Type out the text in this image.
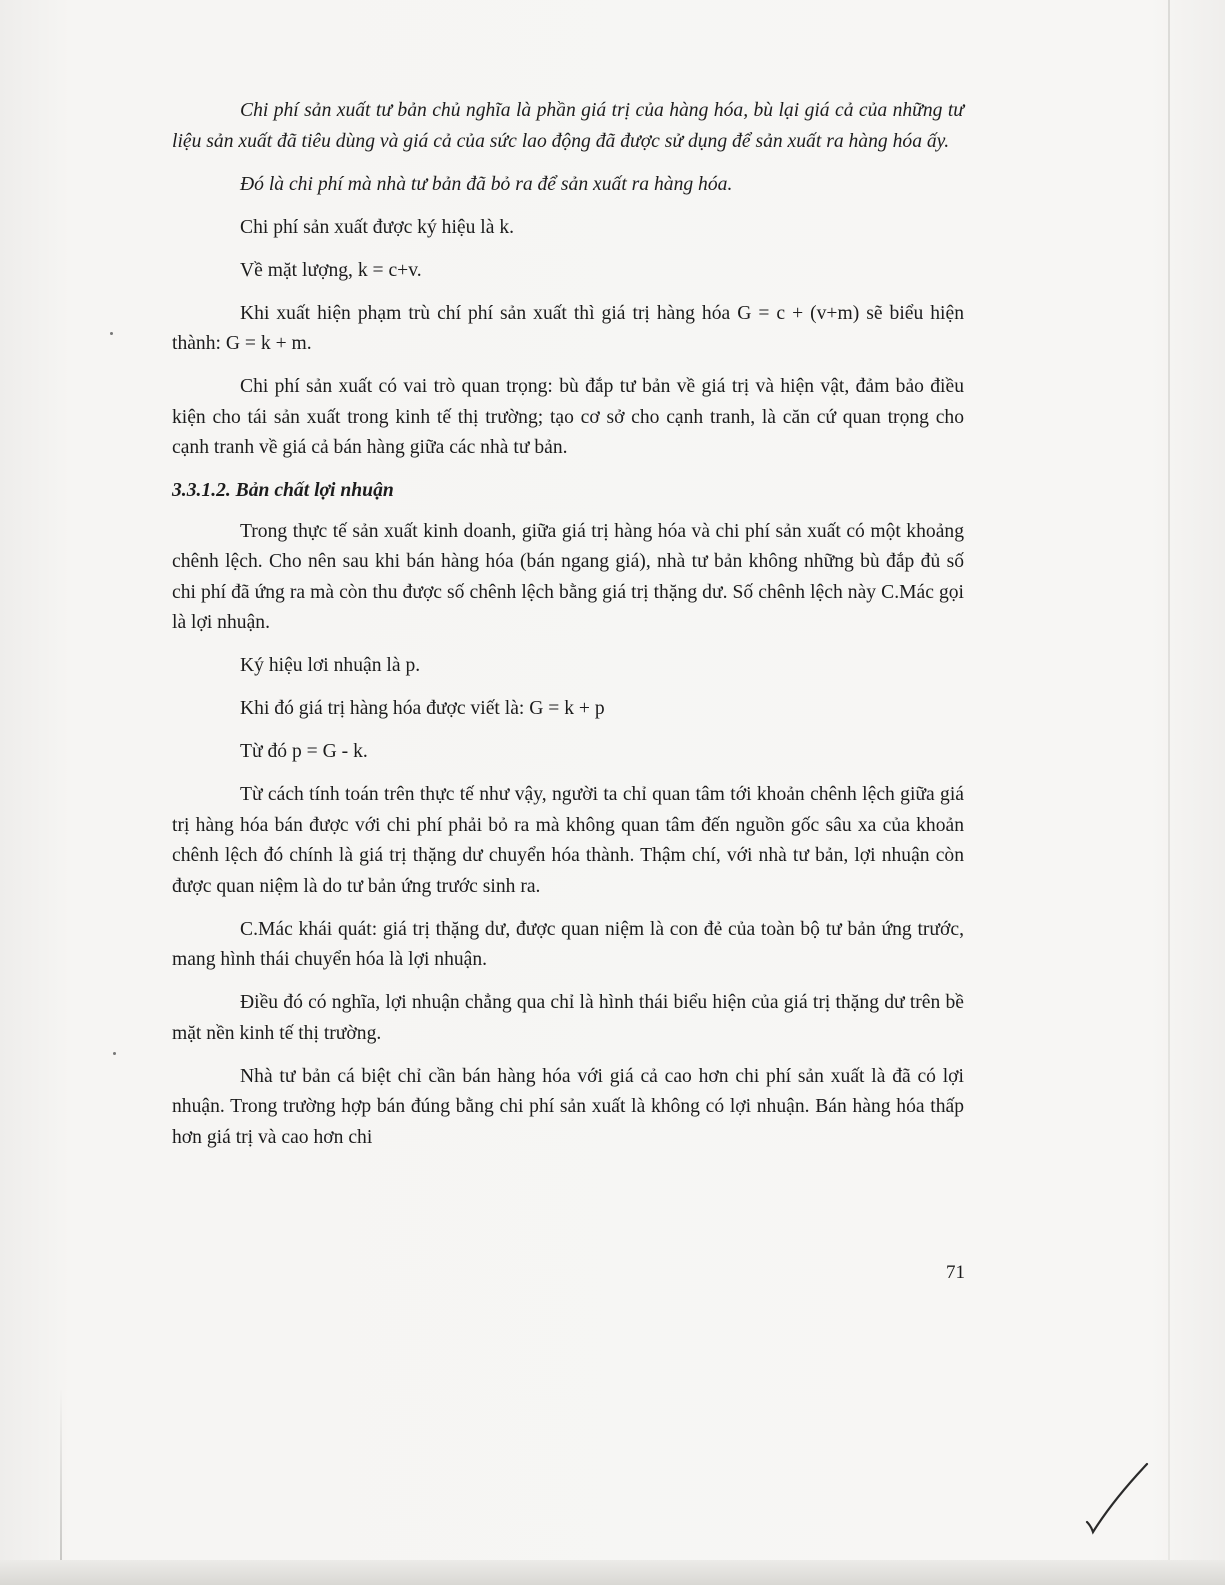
Chi phí sản xuất tư bản chủ nghĩa là phần giá trị của hàng hóa, bù lại giá cả của những tư liệu sản xuất đã tiêu dùng và giá cả của sức lao động đã được sử dụng để sản xuất ra hàng hóa ấy.

Đó là chi phí mà nhà tư bản đã bỏ ra để sản xuất ra hàng hóa.

Chi phí sản xuất được ký hiệu là k.

Về mặt lượng, k = c+v.

Khi xuất hiện phạm trù chí phí sản xuất thì giá trị hàng hóa G = c + (v+m) sẽ biểu hiện thành: G = k + m.

Chi phí sản xuất có vai trò quan trọng: bù đắp tư bản về giá trị và hiện vật, đảm bảo điều kiện cho tái sản xuất trong kinh tế thị trường; tạo cơ sở cho cạnh tranh, là căn cứ quan trọng cho cạnh tranh về giá cả bán hàng giữa các nhà tư bản.

3.3.1.2. Bản chất lợi nhuận

Trong thực tế sản xuất kinh doanh, giữa giá trị hàng hóa và chi phí sản xuất có một khoảng chênh lệch. Cho nên sau khi bán hàng hóa (bán ngang giá), nhà tư bản không những bù đắp đủ số chi phí đã ứng ra mà còn thu được số chênh lệch bằng giá trị thặng dư. Số chênh lệch này C.Mác gọi là lợi nhuận.

Ký hiệu lơi nhuận là p.

Khi đó giá trị hàng hóa được viết là: G = k + p

Từ đó p = G - k.

Từ cách tính toán trên thực tế như vậy, người ta chỉ quan tâm tới khoản chênh lệch giữa giá trị hàng hóa bán được với chi phí phải bỏ ra mà không quan tâm đến nguồn gốc sâu xa của khoản chênh lệch đó chính là giá trị thặng dư chuyển hóa thành. Thậm chí, với nhà tư bản, lợi nhuận còn được quan niệm là do tư bản ứng trước sinh ra.

C.Mác khái quát: giá trị thặng dư, được quan niệm là con đẻ của toàn bộ tư bản ứng trước, mang hình thái chuyển hóa là lợi nhuận.

Điều đó có nghĩa, lợi nhuận chẳng qua chỉ là hình thái biểu hiện của giá trị thặng dư trên bề mặt nền kinh tế thị trường.

Nhà tư bản cá biệt chỉ cần bán hàng hóa với giá cả cao hơn chi phí sản xuất là đã có lợi nhuận. Trong trường hợp bán đúng bằng chi phí sản xuất là không có lợi nhuận. Bán hàng hóa thấp hơn giá trị và cao hơn chi

71
